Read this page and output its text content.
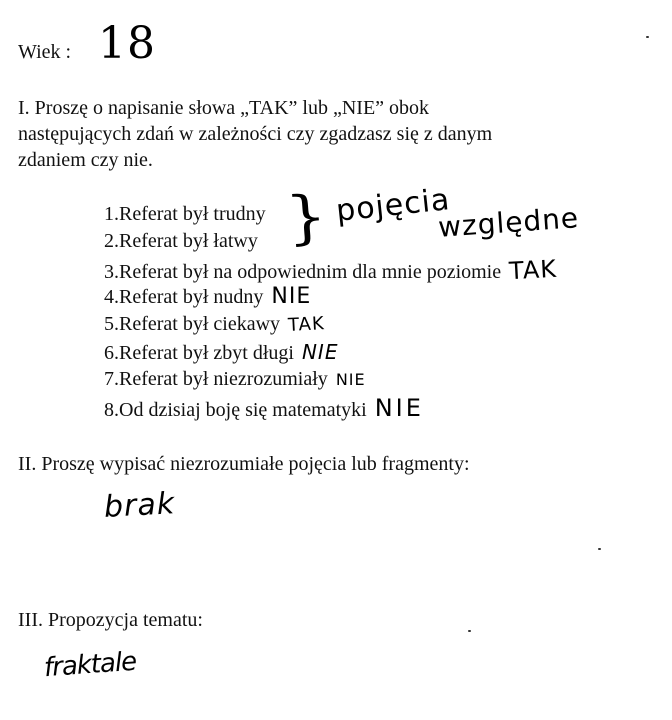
Wiek : 18
I. Proszę o napisanie słowa „TAK” lub „NIE” obok
następujących zdań w zależności czy zgadzasz się z danym
zdaniem czy nie.
1.Referat był trudny
2.Referat był łatwy } pojęcia
względne
3.Referat był na odpowiednim dla mnie poziomie TAK
4.Referat był nudny NIE
5.Referat był ciekawy TAK
6.Referat był zbyt długi NIE
7.Referat był niezrozumiały NIE
8.Od dzisiaj boję się matematyki NIE
II. Proszę wypisać niezrozumiałe pojęcia lub fragmenty:
brak
III. Propozycja tematu:
fraktale
